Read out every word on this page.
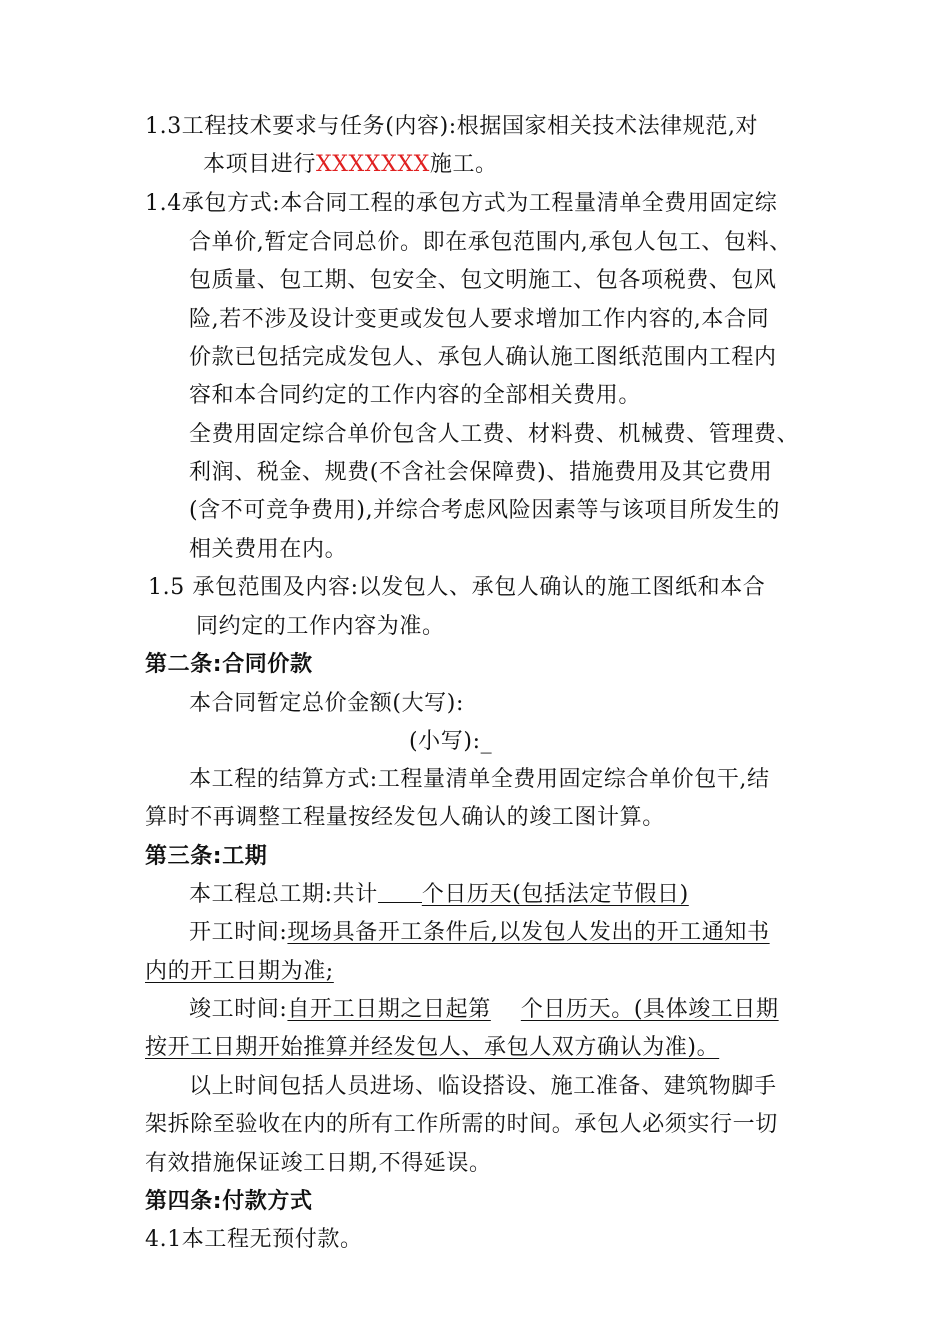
1.3工程技术要求与任务(内容):根据国家相关技术法律规范,对
本项目进行XXXXXXX施工。
1.4承包方式:本合同工程的承包方式为工程量清单全费用固定综
合单价,暂定合同总价。即在承包范围内,承包人包工、包料、
包质量、包工期、包安全、包文明施工、包各项税费、包风
险,若不涉及设计变更或发包人要求增加工作内容的,本合同
价款已包括完成发包人、承包人确认施工图纸范围内工程内
容和本合同约定的工作内容的全部相关费用。
全费用固定综合单价包含人工费、材料费、机械费、管理费、
利润、税金、规费(不含社会保障费)、措施费用及其它费用
(含不可竞争费用),并综合考虑风险因素等与该项目所发生的
相关费用在内。
1.5 承包范围及内容:以发包人、承包人确认的施工图纸和本合
同约定的工作内容为准。
第二条:合同价款
本合同暂定总价金额(大写):
(小写):_
本工程的结算方式:工程量清单全费用固定综合单价包干,结
算时不再调整工程量按经发包人确认的竣工图计算。
第三条:工期
本工程总工期:共计 个日历天(包括法定节假日)
开工时间:现场具备开工条件后,以发包人发出的开工通知书
内的开工日期为准;
竣工时间:自开工日期之日起第 个日历天。(具体竣工日期
按开工日期开始推算并经发包人、承包人双方确认为准)。
以上时间包括人员进场、临设搭设、施工准备、建筑物脚手
架拆除至验收在内的所有工作所需的时间。承包人必须实行一切
有效措施保证竣工日期,不得延误。
第四条:付款方式
4.1本工程无预付款。
